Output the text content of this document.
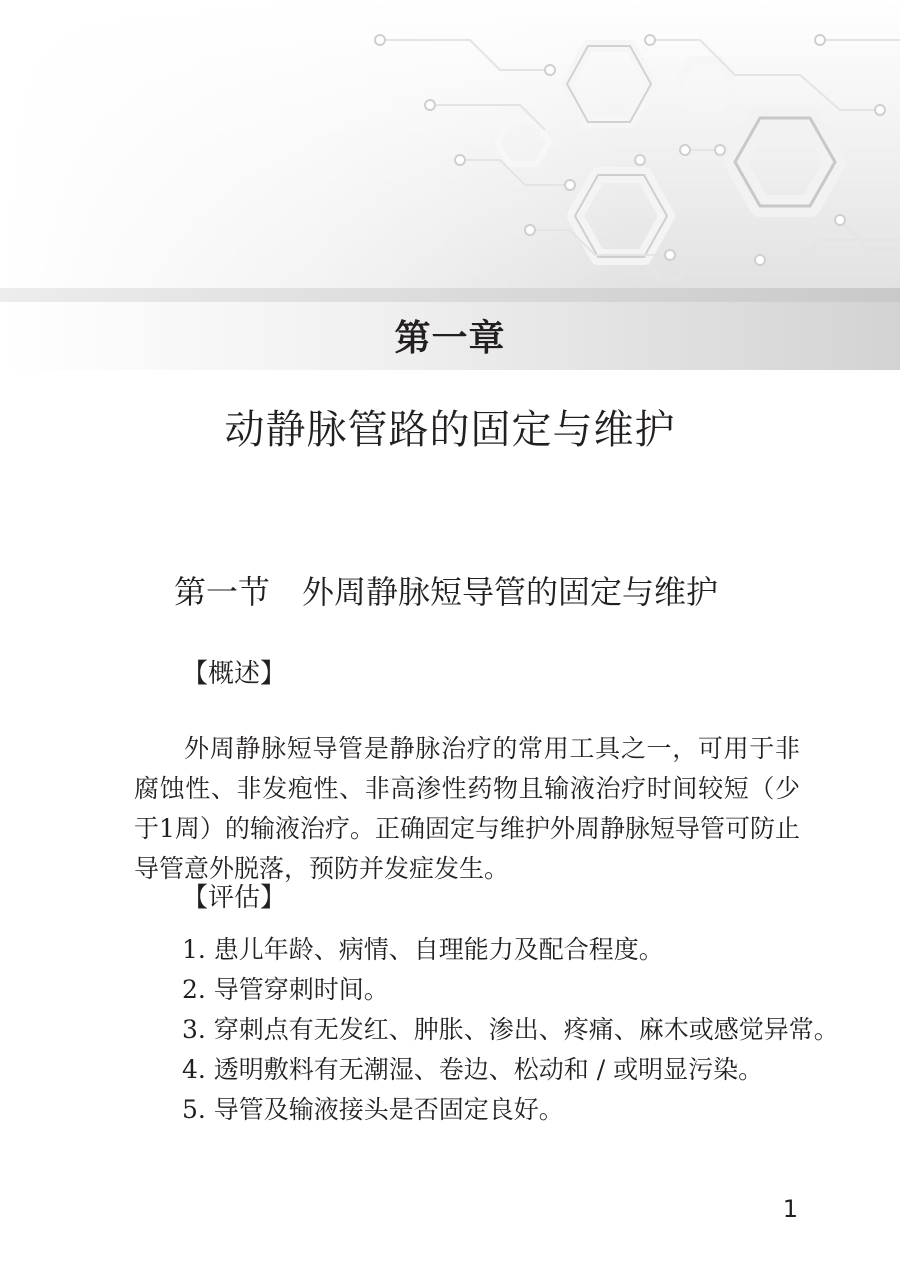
第一章
动静脉管路的固定与维护
第一节 外周静脉短导管的固定与维护
【概述】

外周静脉短导管是静脉治疗的常用工具之一，可用于非腐蚀性、非发疱性、非高渗性药物且输液治疗时间较短（少于1周）的输液治疗。正确固定与维护外周静脉短导管可防止导管意外脱落，预防并发症发生。

【评估】
1. 患儿年龄、病情、自理能力及配合程度。
2. 导管穿刺时间。
3. 穿刺点有无发红、肿胀、渗出、疼痛、麻木或感觉异常。
4. 透明敷料有无潮湿、卷边、松动和 / 或明显污染。
5. 导管及输液接头是否固定良好。
1
